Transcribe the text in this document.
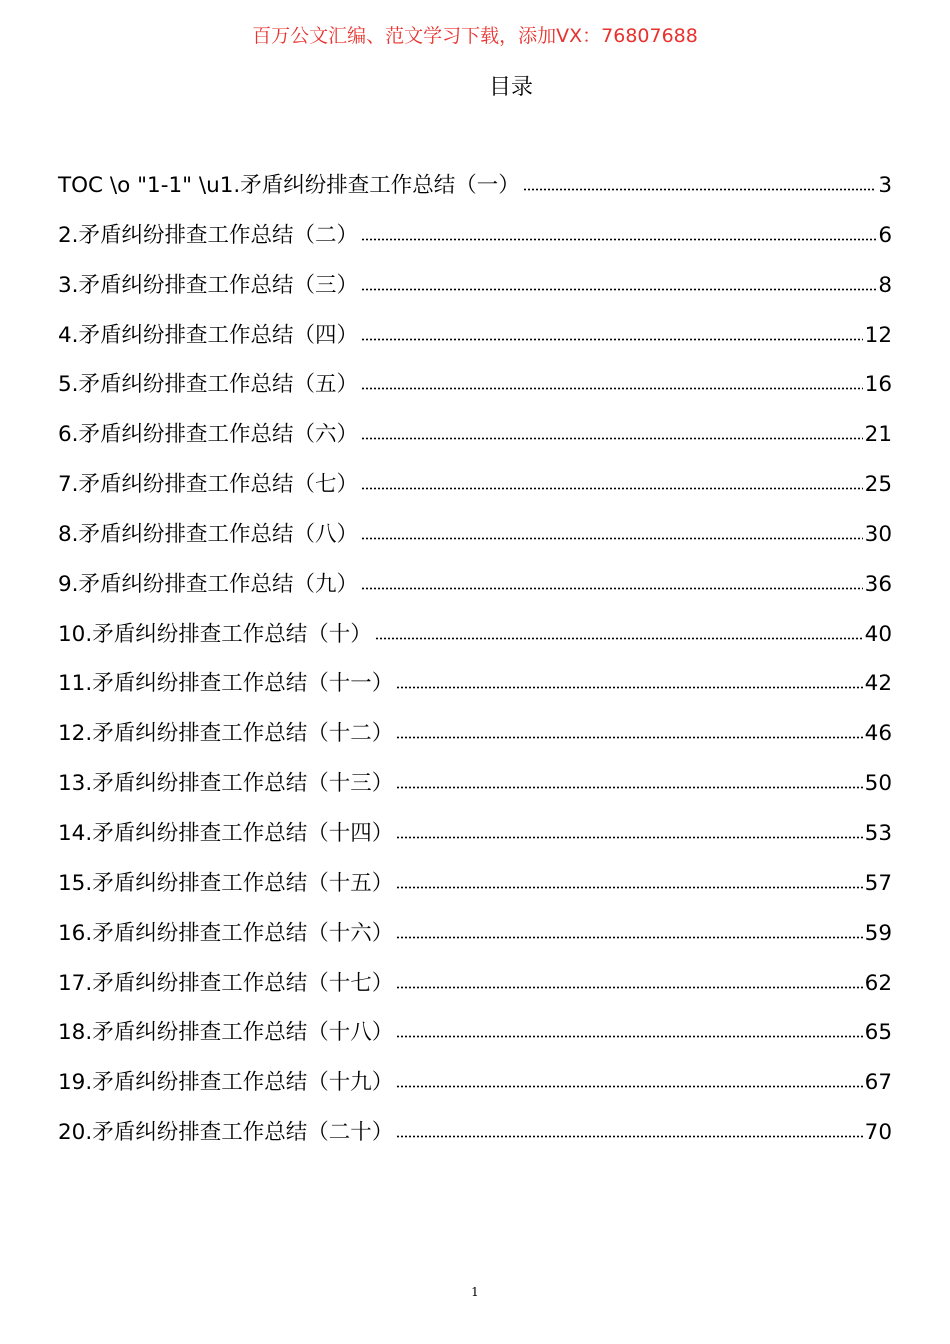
百万公文汇编、范文学习下载，添加VX：76807688
目录
TOC \o "1-1" \u1.矛盾纠纷排查工作总结（一）	3
2.矛盾纠纷排查工作总结（二）	6
3.矛盾纠纷排查工作总结（三）	8
4.矛盾纠纷排查工作总结（四）	12
5.矛盾纠纷排查工作总结（五）	16
6.矛盾纠纷排查工作总结（六）	21
7.矛盾纠纷排查工作总结（七）	25
8.矛盾纠纷排查工作总结（八）	30
9.矛盾纠纷排查工作总结（九）	36
10.矛盾纠纷排查工作总结（十）	40
11.矛盾纠纷排查工作总结（十一）	42
12.矛盾纠纷排查工作总结（十二）	46
13.矛盾纠纷排查工作总结（十三）	50
14.矛盾纠纷排查工作总结（十四）	53
15.矛盾纠纷排查工作总结（十五）	57
16.矛盾纠纷排查工作总结（十六）	59
17.矛盾纠纷排查工作总结（十七）	62
18.矛盾纠纷排查工作总结（十八）	65
19.矛盾纠纷排查工作总结（十九）	67
20.矛盾纠纷排查工作总结（二十）	70
1
